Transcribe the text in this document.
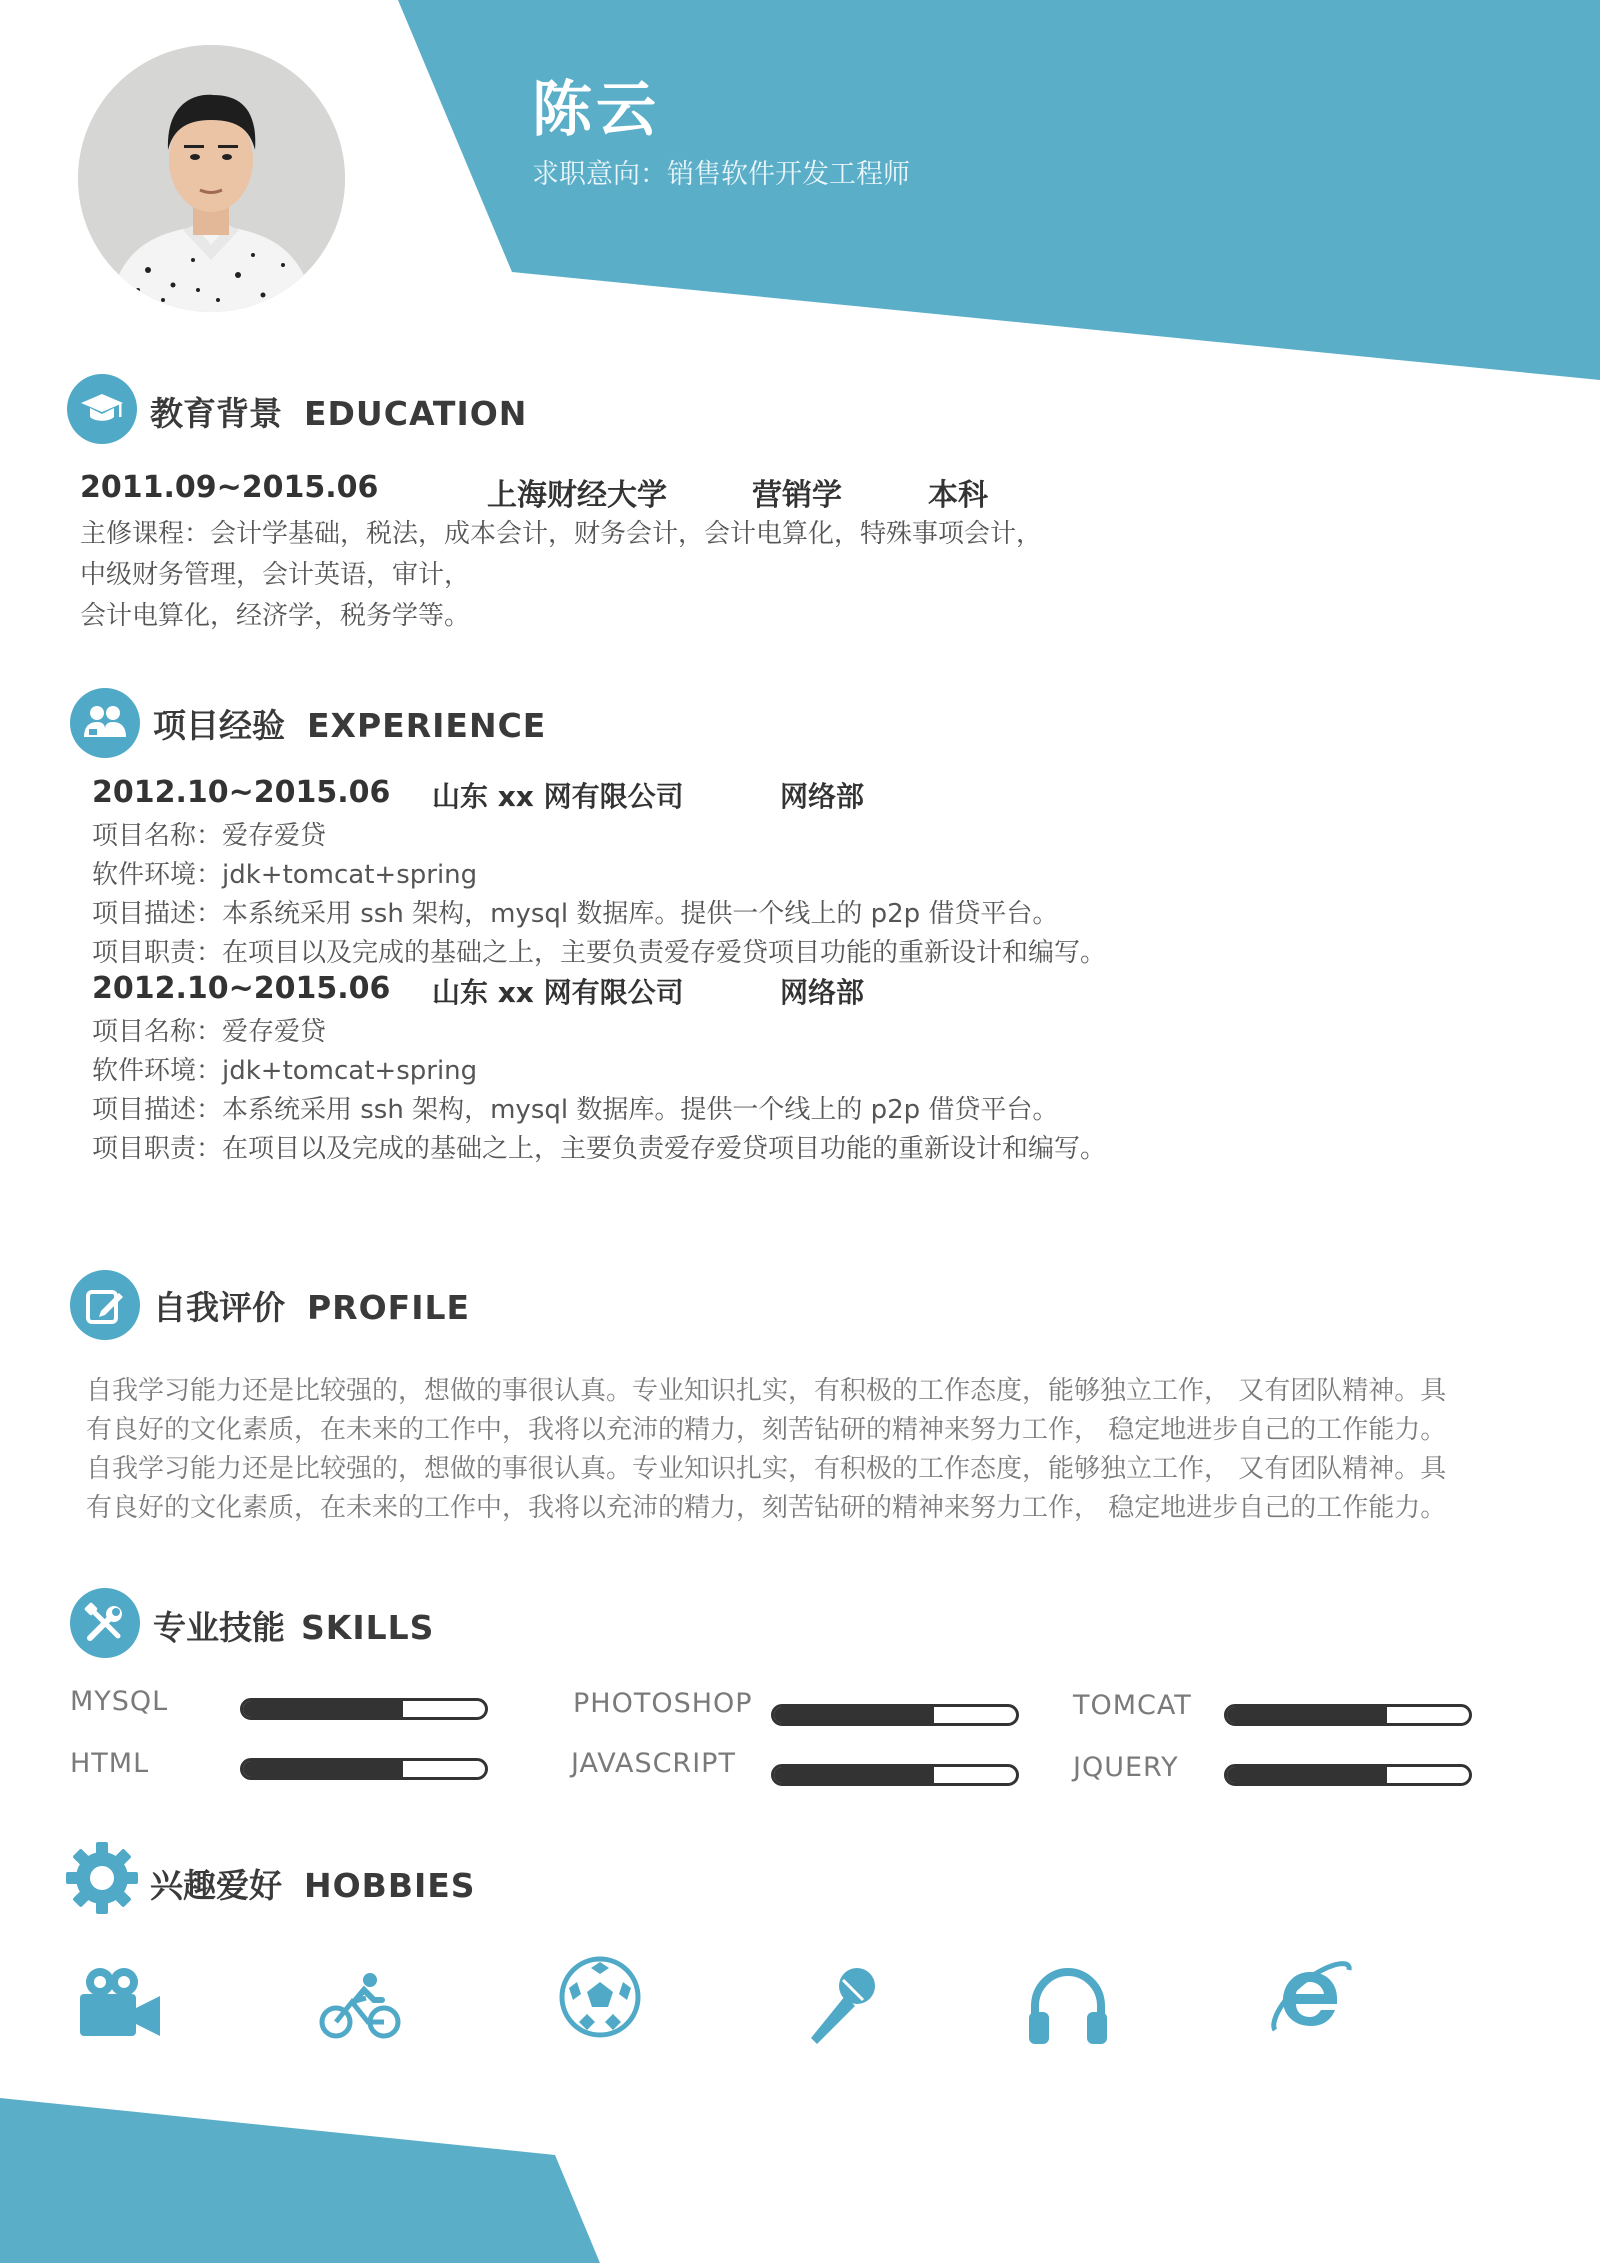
陈云
求职意向：销售软件开发工程师
教育背景 EDUCATION
2011.09~2015.06	上海财经大学	营销学	本科
主修课程：会计学基础，税法，成本会计，财务会计，会计电算化，特殊事项会计，
中级财务管理，会计英语，审计，
会计电算化，经济学，税务学等。
项目经验 EXPERIENCE
2012.10~2015.06 山东 xx 网有限公司	网络部
项目名称：爱存爱贷
软件环境：jdk+tomcat+spring
项目描述：本系统采用 ssh 架构，mysql 数据库。提供一个线上的 p2p 借贷平台。
项目职责：在项目以及完成的基础之上，主要负责爱存爱贷项目功能的重新设计和编写。
2012.10~2015.06 山东 xx 网有限公司	网络部
项目名称：爱存爱贷
软件环境：jdk+tomcat+spring
项目描述：本系统采用 ssh 架构，mysql 数据库。提供一个线上的 p2p 借贷平台。
项目职责：在项目以及完成的基础之上，主要负责爱存爱贷项目功能的重新设计和编写。
自我评价 PROFILE
自我学习能力还是比较强的，想做的事很认真。专业知识扎实，有积极的工作态度，能够独立工作， 又有团队精神。具
有良好的文化素质，在未来的工作中，我将以充沛的精力，刻苦钻研的精神来努力工作， 稳定地进步自己的工作能力。
自我学习能力还是比较强的，想做的事很认真。专业知识扎实，有积极的工作态度，能够独立工作， 又有团队精神。具
有良好的文化素质，在未来的工作中，我将以充沛的精力，刻苦钻研的精神来努力工作， 稳定地进步自己的工作能力。
专业技能 SKILLS
MYSQL	PHOTOSHOP	TOMCAT
HTML	JAVASCRIPT	JQUERY
兴趣爱好 HOBBIES
